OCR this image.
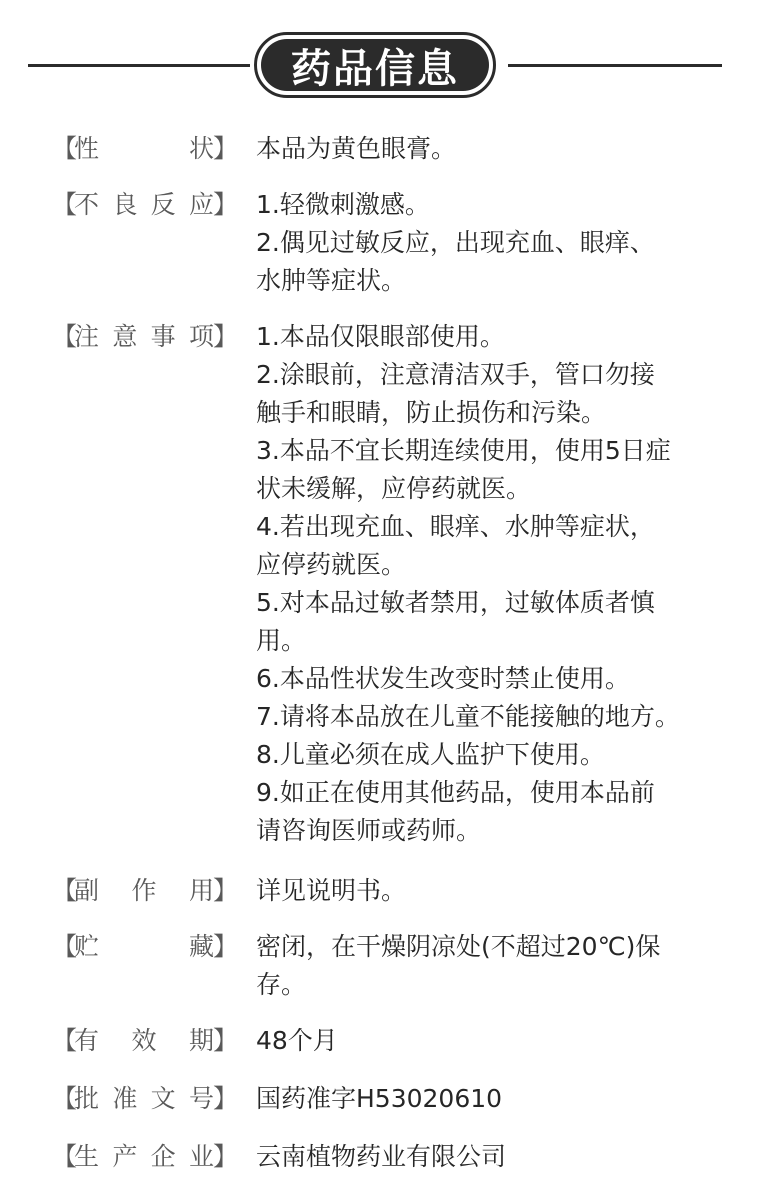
药品信息
【
性	状
】 本品为黄色眼膏。
【
不 良 反 应
】 1.轻微刺激感。
2.偶见过敏反应，出现充血、眼痒、
水肿等症状。
【
注 意 事 项
】 1.本品仅限眼部使用。
2.涂眼前，注意清洁双手，管口勿接
触手和眼睛，防止损伤和污染。
3.本品不宜长期连续使用，使用5日症
状未缓解，应停药就医。
4.若出现充血、眼痒、水肿等症状，
应停药就医。
5.对本品过敏者禁用，过敏体质者慎
用。
6.本品性状发生改变时禁止使用。
7.请将本品放在儿童不能接触的地方。
8.儿童必须在成人监护下使用。
9.如正在使用其他药品，使用本品前
请咨询医师或药师。
【
副 作 用 】 详见说明书。
【
贮	藏
】 密闭，在干燥阴凉处(不超过20℃)保
存。
【
有 效 期 】 48个月
【
批 准 文 号
】 国药准字H53020610
【
生 产 企 业
】 云南植物药业有限公司
